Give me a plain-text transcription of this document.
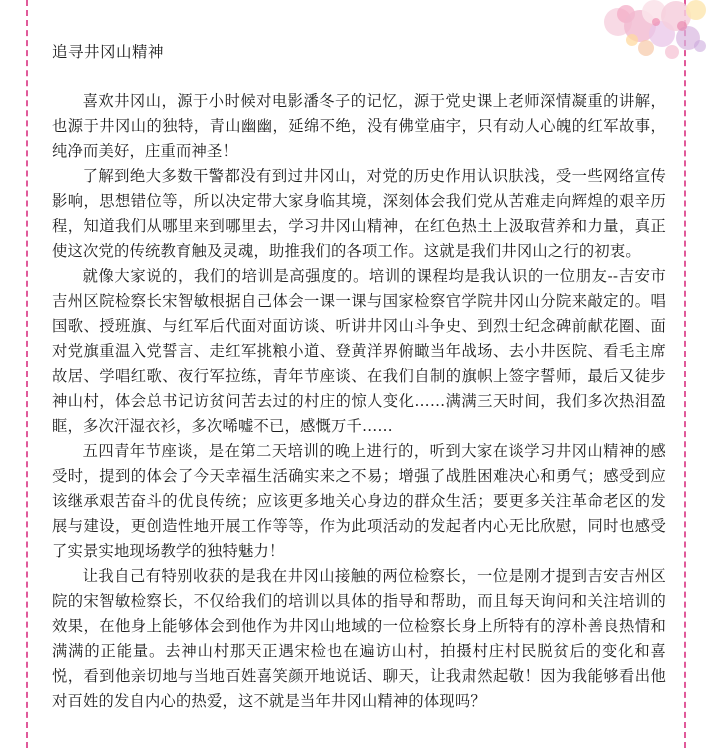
追寻井冈山精神

喜欢井冈山，源于小时候对电影潘冬子的记忆，源于党史课上老师深情凝重的讲解，也源于井冈山的独特，青山幽幽，延绵不绝，没有佛堂庙宇，只有动人心魄的红军故事，纯净而美好，庄重而神圣！

了解到绝大多数干警都没有到过井冈山，对党的历史作用认识肤浅，受一些网络宣传影响，思想错位等，所以决定带大家身临其境，深刻体会我们党从苦难走向辉煌的艰辛历程，知道我们从哪里来到哪里去，学习井冈山精神，在红色热土上汲取营养和力量，真正使这次党的传统教育触及灵魂，助推我们的各项工作。这就是我们井冈山之行的初衷。

就像大家说的，我们的培训是高强度的。培训的课程均是我认识的一位朋友--吉安市吉州区院检察长宋智敏根据自己体会一课一课与国家检察官学院井冈山分院来敲定的。唱国歌、授班旗、与红军后代面对面访谈、听讲井冈山斗争史、到烈士纪念碑前献花圈、面对党旗重温入党誓言、走红军挑粮小道、登黄洋界俯瞰当年战场、去小井医院、看毛主席故居、学唱红歌、夜行军拉练，青年节座谈、在我们自制的旗帜上签字誓师，最后又徒步神山村，体会总书记访贫问苦去过的村庄的惊人变化……满满三天时间，我们多次热泪盈眶，多次汗湿衣衫，多次唏嘘不已，感慨万千……

五四青年节座谈，是在第二天培训的晚上进行的，听到大家在谈学习井冈山精神的感受时，提到的体会了今天幸福生活确实来之不易；增强了战胜困难决心和勇气；感受到应该继承艰苦奋斗的优良传统；应该更多地关心身边的群众生活；要更多关注革命老区的发展与建设，更创造性地开展工作等等，作为此项活动的发起者内心无比欣慰，同时也感受了实景实地现场教学的独特魅力！

让我自己有特别收获的是我在井冈山接触的两位检察长，一位是刚才提到吉安吉州区院的宋智敏检察长，不仅给我们的培训以具体的指导和帮助，而且每天询问和关注培训的效果，在他身上能够体会到他作为井冈山地域的一位检察长身上所特有的淳朴善良热情和满满的正能量。去神山村那天正遇宋检也在遍访山村，拍摄村庄村民脱贫后的变化和喜悦，看到他亲切地与当地百姓喜笑颜开地说话、聊天，让我肃然起敬！因为我能够看出他对百姓的发自内心的热爱，这不就是当年井冈山精神的体现吗？
